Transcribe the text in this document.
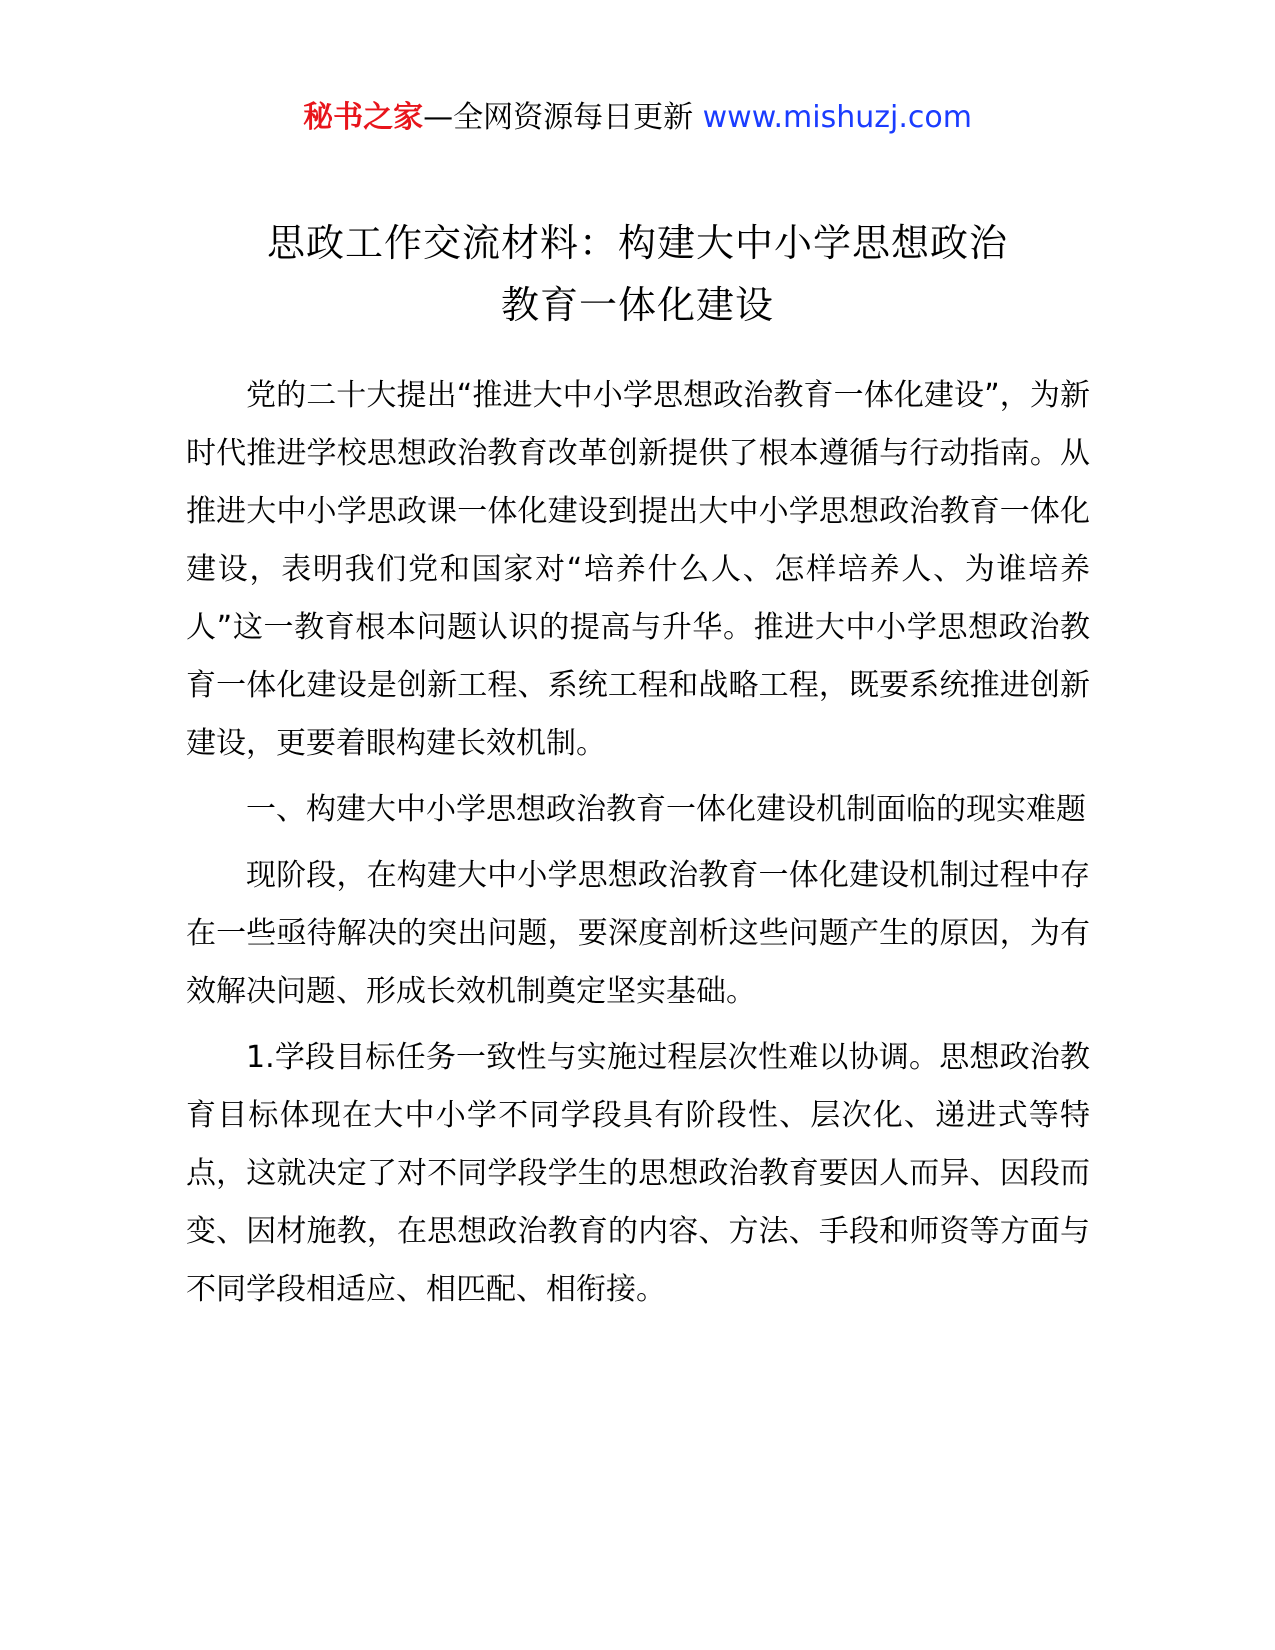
秘书之家—全网资源每日更新 www.mishuzj.com
思政工作交流材料：构建大中小学思想政治
教育一体化建设

党的二十大提出“推进大中小学思想政治教育一体化建设”，为新时代推进学校思想政治教育改革创新提供了根本遵循与行动指南。从推进大中小学思政课一体化建设到提出大中小学思想政治教育一体化建设，表明我们党和国家对“培养什么人、怎样培养人、为谁培养人”这一教育根本问题认识的提高与升华。推进大中小学思想政治教育一体化建设是创新工程、系统工程和战略工程，既要系统推进创新建设，更要着眼构建长效机制。

一、构建大中小学思想政治教育一体化建设机制面临的现实难题

现阶段，在构建大中小学思想政治教育一体化建设机制过程中存在一些亟待解决的突出问题，要深度剖析这些问题产生的原因，为有效解决问题、形成长效机制奠定坚实基础。

1.学段目标任务一致性与实施过程层次性难以协调。思想政治教育目标体现在大中小学不同学段具有阶段性、层次化、递进式等特点，这就决定了对不同学段学生的思想政治教育要因人而异、因段而变、因材施教，在思想政治教育的内容、方法、手段和师资等方面与不同学段相适应、相匹配、相衔接。
